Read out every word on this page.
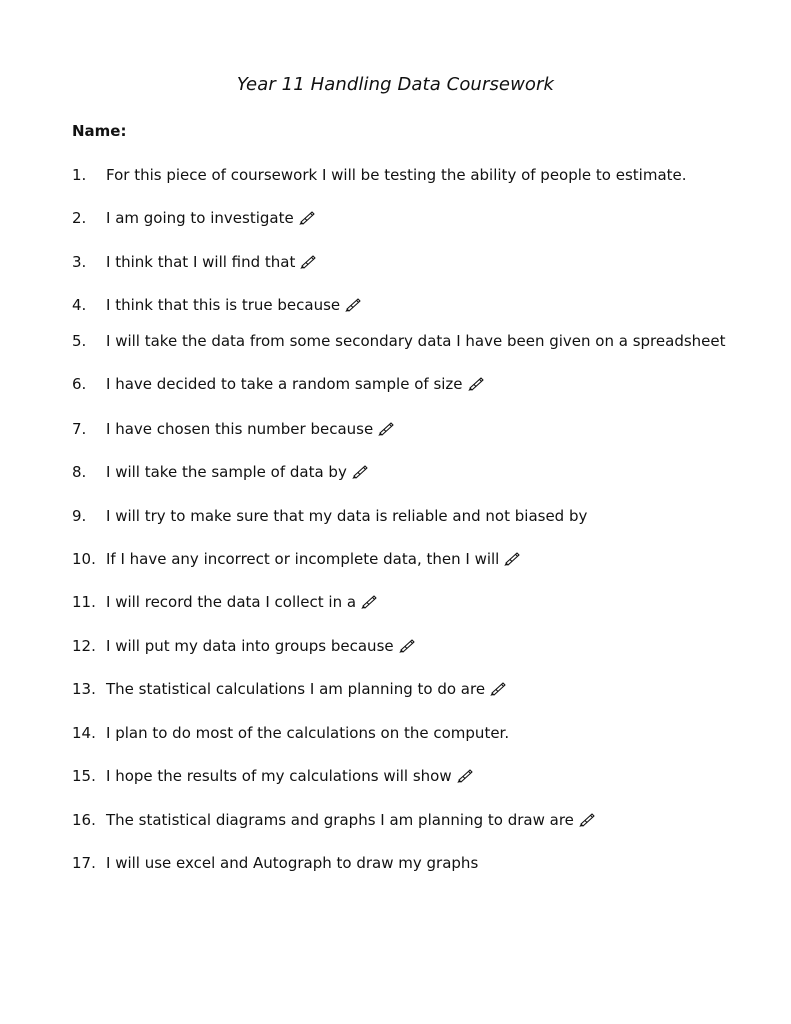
Year 11 Handling Data Coursework
Name:
1. For this piece of coursework I will be testing the ability of people to estimate.
2. I am going to investigate
3. I think that I will find that
4. I think that this is true because
5. I will take the data from some secondary data I have been given on a spreadsheet
6. I have decided to take a random sample of size
7. I have chosen this number because
8. I will take the sample of data by
9. I will try to make sure that my data is reliable and not biased by
10. If I have any incorrect or incomplete data, then I will
11. I will record the data I collect in a
12. I will put my data into groups because
13. The statistical calculations I am planning to do are
14. I plan to do most of the calculations on the computer.
15. I hope the results of my calculations will show
16. The statistical diagrams and graphs I am planning to draw are
17. I will use excel and Autograph to draw my graphs
